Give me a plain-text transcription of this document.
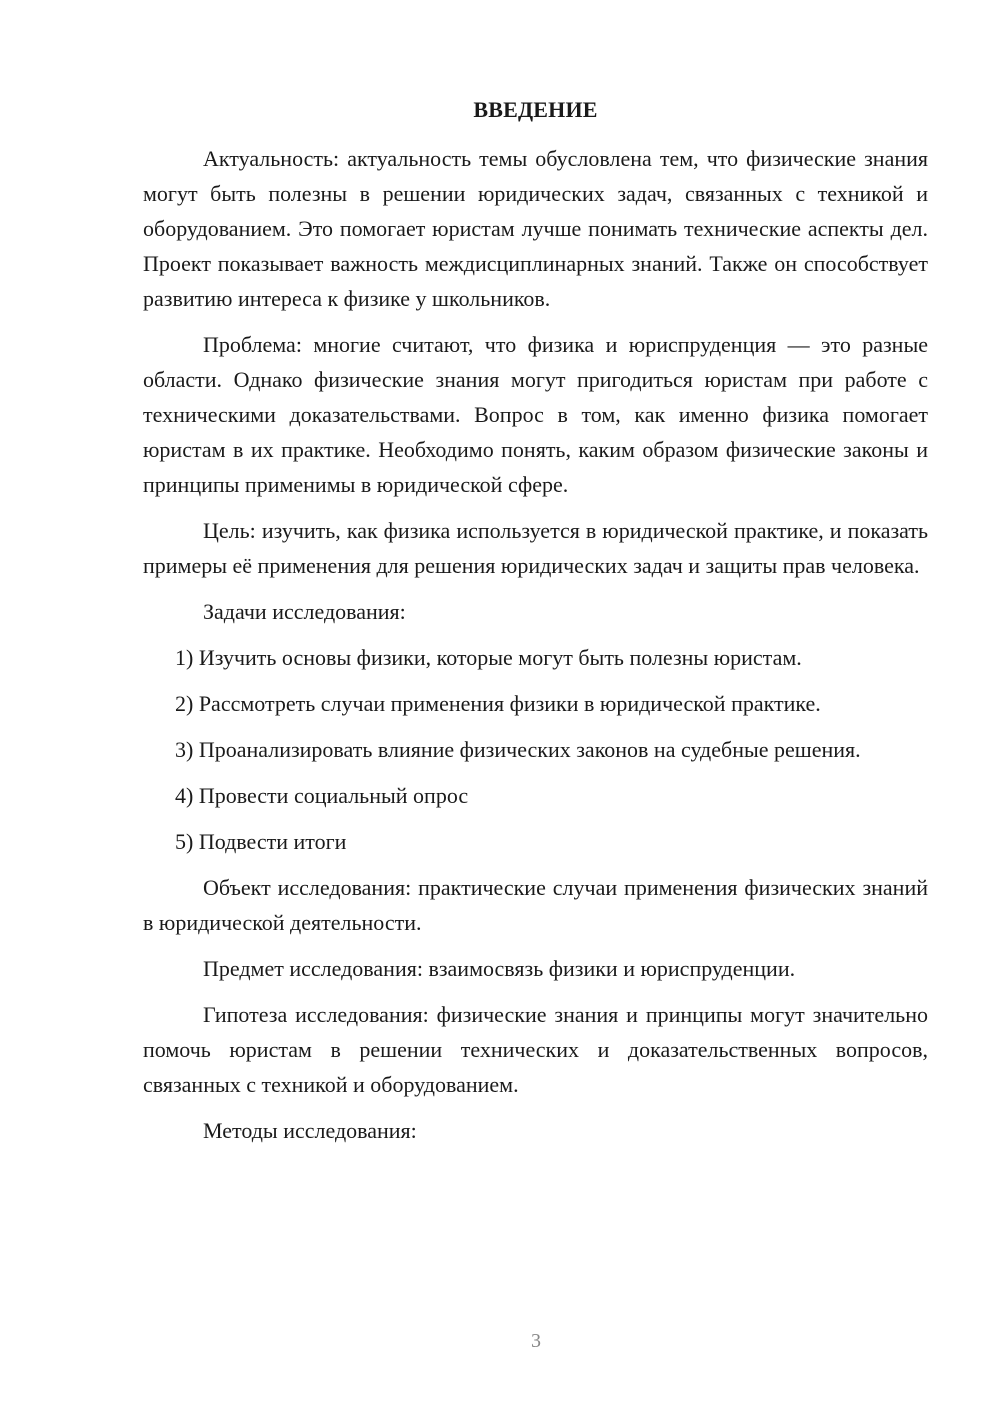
ВВЕДЕНИЕ

Актуальность: актуальность темы обусловлена тем, что физические знания могут быть полезны в решении юридических задач, связанных с техникой и оборудованием. Это помогает юристам лучше понимать технические аспекты дел. Проект показывает важность междисциплинарных знаний. Также он способствует развитию интереса к физике у школьников.

Проблема: многие считают, что физика и юриспруденция — это разные области. Однако физические знания могут пригодиться юристам при работе с техническими доказательствами. Вопрос в том, как именно физика помогает юристам в их практике. Необходимо понять, каким образом физические законы и принципы применимы в юридической сфере.

Цель: изучить, как физика используется в юридической практике, и показать примеры её применения для решения юридических задач и защиты прав человека.

Задачи исследования:

1) Изучить основы физики, которые могут быть полезны юристам.

2) Рассмотреть случаи применения физики в юридической практике.

3) Проанализировать влияние физических законов на судебные решения.

4) Провести социальный опрос

5) Подвести итоги

Объект исследования: практические случаи применения физических знаний в юридической деятельности.

Предмет исследования: взаимосвязь физики и юриспруденции.

Гипотеза исследования: физические знания и принципы могут значительно помочь юристам в решении технических и доказательственных вопросов, связанных с техникой и оборудованием.

Методы исследования:

3
